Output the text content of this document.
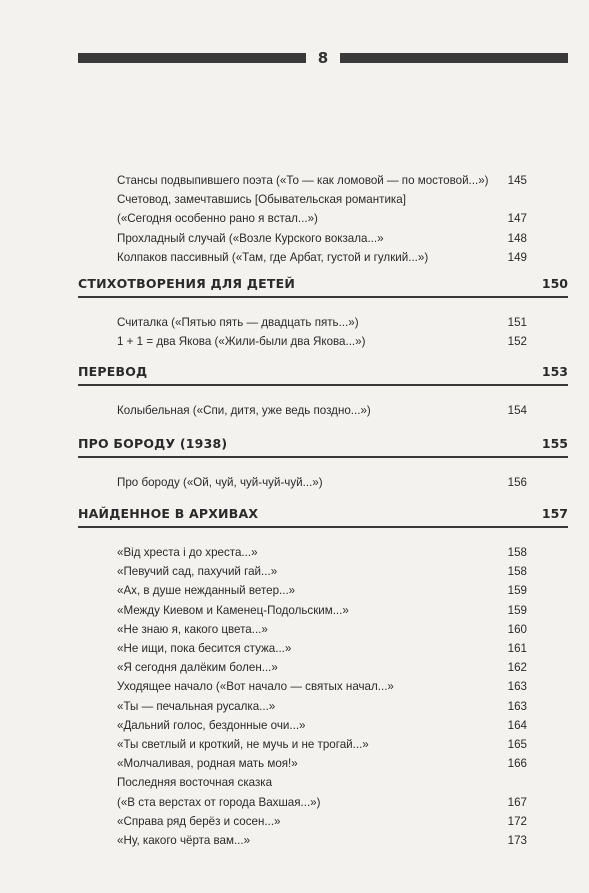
8
Стансы подвыпившего поэта («То — как ломовой — по мостовой...») 145
Счетовод, замечтавшись [Обывательская романтика]
(«Сегодня особенно рано я встал...»)	147
Прохладный случай («Возле Курского вокзала...»	148
Колпаков пассивный («Там, где Арбат, густой и гулкий...»)	149
СТИХОТВОРЕНИЯ ДЛЯ ДЕТЕЙ	150
Считалка («Пятью пять — двадцать пять...»)	151
1 + 1 = два Якова («Жили-были два Якова...»)	152
ПЕРЕВОД	153
Колыбельная («Спи, дитя, уже ведь поздно...»)	154
ПРО БОРОДУ (1938)	155
Про бороду («Ой, чуй, чуй-чуй-чуй...»)	156
НАЙДЕННОЕ В АРХИВАХ	157
«Від хреста і до хреста...»	158
«Певучий сад, пахучий гай...»	158
«Ах, в душе нежданный ветер...»	159
«Между Киевом и Каменец-Подольским...»	159
«Не знаю я, какого цвета...»	160
«Не ищи, пока бесится стужа...»	161
«Я сегодня далёким болен...»	162
Уходящее начало («Вот начало — святых начал...»	163
«Ты — печальная русалка...»	163
«Дальний голос, бездонные очи...»	164
«Ты светлый и кроткий, не мучь и не трогай...»	165
«Молчаливая, родная мать моя!»	166
Последняя восточная сказка
(«В ста верстах от города Вахшая...»)	167
«Справа ряд берёз и сосен...»	172
«Ну, какого чёрта вам...»	173
